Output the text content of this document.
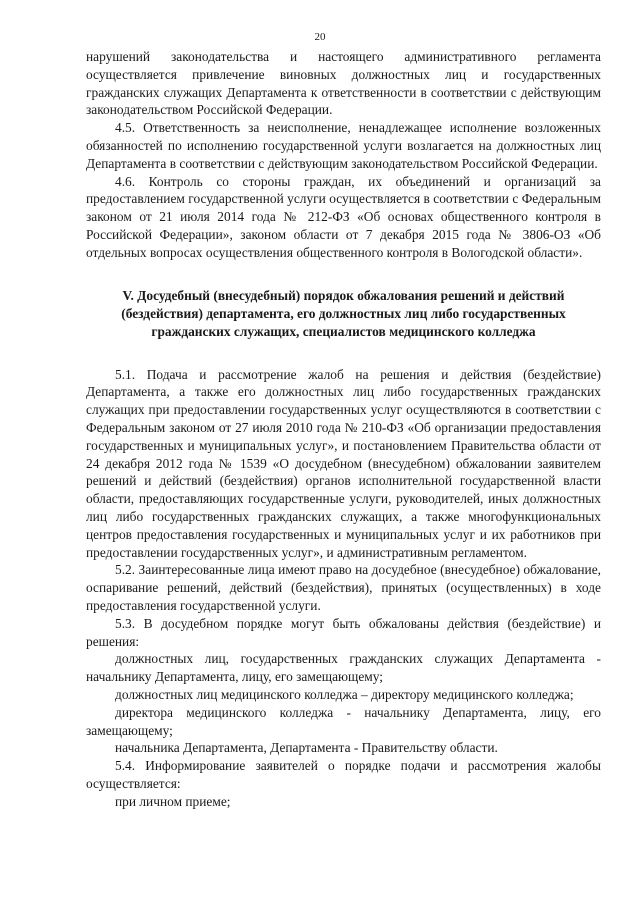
20

нарушений законодательства и настоящего административного регламента осуществляется привлечение виновных должностных лиц и государственных гражданских служащих Департамента к ответственности в соответствии с действующим законодательством Российской Федерации.

4.5. Ответственность за неисполнение, ненадлежащее исполнение возложенных обязанностей по исполнению государственной услуги возлагается на должностных лиц Департамента в соответствии с действующим законодательством Российской Федерации.

4.6. Контроль со стороны граждан, их объединений и организаций за предоставлением государственной услуги осуществляется в соответствии с Федеральным законом от 21 июля 2014 года № 212-ФЗ «Об основах общественного контроля в Российской Федерации», законом области от 7 декабря 2015 года № 3806-ОЗ «Об отдельных вопросах осуществления общественного контроля в Вологодской области».

V. Досудебный (внесудебный) порядок обжалования решений и действий
(бездействия) департамента, его должностных лиц либо государственных
гражданских служащих, специалистов медицинского колледжа

5.1. Подача и рассмотрение жалоб на решения и действия (бездействие) Департамента, а также его должностных лиц либо государственных гражданских служащих при предоставлении государственных услуг осуществляются в соответствии с Федеральным законом от 27 июля 2010 года № 210-ФЗ «Об организации предоставления государственных и муниципальных услуг», и постановлением Правительства области от 24 декабря 2012 года № 1539 «О досудебном (внесудебном) обжаловании заявителем решений и действий (бездействия) органов исполнительной государственной власти области, предоставляющих государственные услуги, руководителей, иных должностных лиц либо государственных гражданских служащих, а также многофункциональных центров предоставления государственных и муниципальных услуг и их работников при предоставлении государственных услуг», и административным регламентом.

5.2. Заинтересованные лица имеют право на досудебное (внесудебное) обжалование, оспаривание решений, действий (бездействия), принятых (осуществленных) в ходе предоставления государственной услуги.

5.3. В досудебном порядке могут быть обжалованы действия (бездействие) и решения:

должностных лиц, государственных гражданских служащих Департамента - начальнику Департамента, лицу, его замещающему;

должностных лиц медицинского колледжа – директору медицинского колледжа;

директора медицинского колледжа - начальнику Департамента, лицу, его замещающему;

начальника Департамента, Департамента - Правительству области.

5.4. Информирование заявителей о порядке подачи и рассмотрения жалобы осуществляется:

при личном приеме;
